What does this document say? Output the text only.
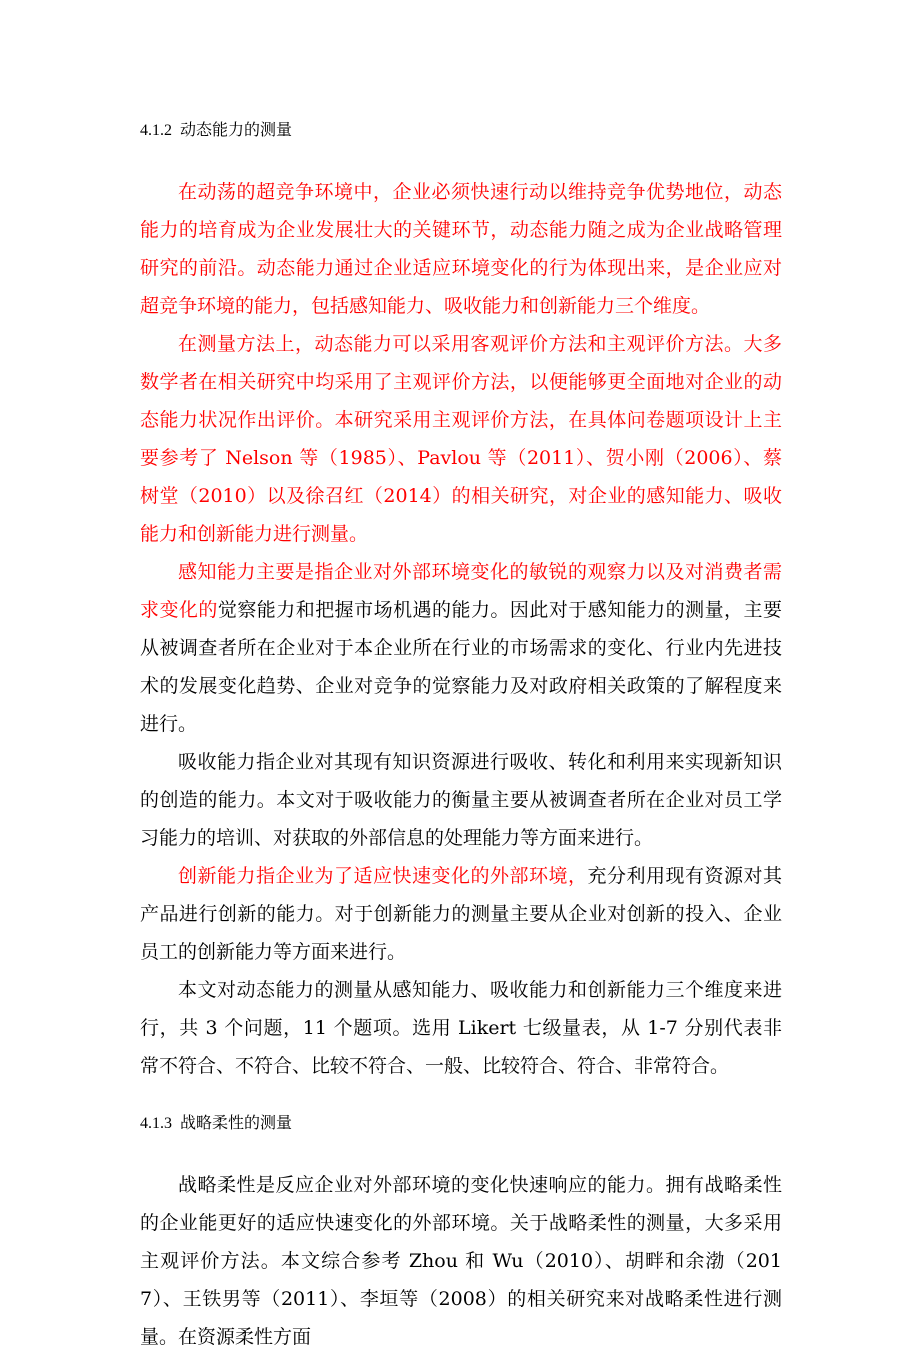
4.1.2 动态能力的测量

在动荡的超竞争环境中，企业必须快速行动以维持竞争优势地位，动态能力的培育成为企业发展壮大的关键环节，动态能力随之成为企业战略管理研究的前沿。动态能力通过企业适应环境变化的行为体现出来，是企业应对超竞争环境的能力，包括感知能力、吸收能力和创新能力三个维度。

在测量方法上，动态能力可以采用客观评价方法和主观评价方法。大多数学者在相关研究中均采用了主观评价方法，以便能够更全面地对企业的动态能力状况作出评价。本研究采用主观评价方法，在具体问卷题项设计上主要参考了 Nelson 等（1985）、Pavlou 等（2011）、贺小刚（2006）、蔡树堂（2010）以及徐召红（2014）的相关研究，对企业的感知能力、吸收能力和创新能力进行测量。

感知能力主要是指企业对外部环境变化的敏锐的观察力以及对消费者需求变化的觉察能力和把握市场机遇的能力。因此对于感知能力的测量，主要从被调查者所在企业对于本企业所在行业的市场需求的变化、行业内先进技术的发展变化趋势、企业对竞争的觉察能力及对政府相关政策的了解程度来进行。

吸收能力指企业对其现有知识资源进行吸收、转化和利用来实现新知识的创造的能力。本文对于吸收能力的衡量主要从被调查者所在企业对员工学习能力的培训、对获取的外部信息的处理能力等方面来进行。

创新能力指企业为了适应快速变化的外部环境，充分利用现有资源对其产品进行创新的能力。对于创新能力的测量主要从企业对创新的投入、企业员工的创新能力等方面来进行。

本文对动态能力的测量从感知能力、吸收能力和创新能力三个维度来进行，共 3 个问题，11 个题项。选用 Likert 七级量表，从 1-7 分别代表非常不符合、不符合、比较不符合、一般、比较符合、符合、非常符合。

4.1.3 战略柔性的测量

战略柔性是反应企业对外部环境的变化快速响应的能力。拥有战略柔性的企业能更好的适应快速变化的外部环境。关于战略柔性的测量，大多采用主观评价方法。本文综合参考 Zhou 和 Wu（2010）、胡畔和余渤（2017）、王铁男等（2011）、李垣等（2008）的相关研究来对战略柔性进行测量。在资源柔性方面
